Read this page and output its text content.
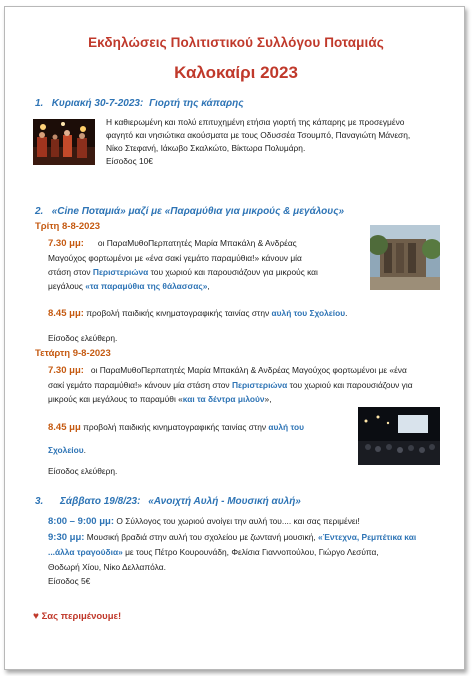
Εκδηλώσεις Πολιτιστικού Συλλόγου Ποταμιάς
Καλοκαίρι 2023
1. Κυριακή 30-7-2023: Γιορτή της κάπαρης
Η καθιερωμένη και πολύ επιτυχημένη ετήσια γιορτή της κάπαρης με προσεγμένο
φαγητό και νησιώτικα ακούσματα με τους Οδυσσέα Τσουμπό, Παναγιώτη Μάνεση,
Νίκο Στεφανή, Ιάκωβο Σκαλκώτο, Βίκτωρα Πολυμάρη.
Είσοδος 10€
2. «Cine Ποταμιά» μαζί με «Παραμύθια για μικρούς & μεγάλους»
Τρίτη 8-8-2023
7.30 μμ: οι ΠαραΜυθοΠερπατητές Μαρία Μπακάλη & Ανδρέας
Μαγούχος φορτωμένοι με «ένα σακί γεμάτο παραμύθια!» κάνουν μία
στάση στον Περιστεριώνα του χωριού και παρουσιάζουν για μικρούς και
μεγάλους «τα παραμύθια της θάλασσας»,
8.45 μμ: προβολή παιδικής κινηματογραφικής ταινίας στην αυλή του Σχολείου.
Είσοδος ελεύθερη.
Τετάρτη 9-8-2023
7.30 μμ: οι ΠαραΜυθοΠερπατητές Μαρία Μπακάλη & Ανδρέας Μαγούχος φορτωμένοι με «ένα
σακί γεμάτο παραμύθια!» κάνουν μία στάση στον Περιστεριώνα του χωριού και παρουσιάζουν για
μικρούς και μεγάλους το παραμύθι «και τα δέντρα μιλούν»,
8.45 μμ προβολή παιδικής κινηματογραφικής ταινίας στην αυλή του
Σχολείου.
Είσοδος ελεύθερη.
3. Σάββατο 19/8/23: «Ανοιχτή Αυλή - Μουσική αυλή»
8:00 – 9:00 μμ: Ο Σύλλογος του χωριού ανοίγει την αυλή του.... και σας περιμένει!
9:30 μμ: Μουσική βραδιά στην αυλή του σχολείου με ζωντανή μουσική, «Έντεχνα, Ρεμπέτικα και
...άλλα τραγούδια» με τους Πέτρο Κουρουνάδη, Φελίσια Γιαννοπούλου, Γιώργο Λεσύπα,
Θοδωρή Χίου, Νίκο Δελλαπόλα.
Είσοδος 5€
♥ Σας περιμένουμε!
